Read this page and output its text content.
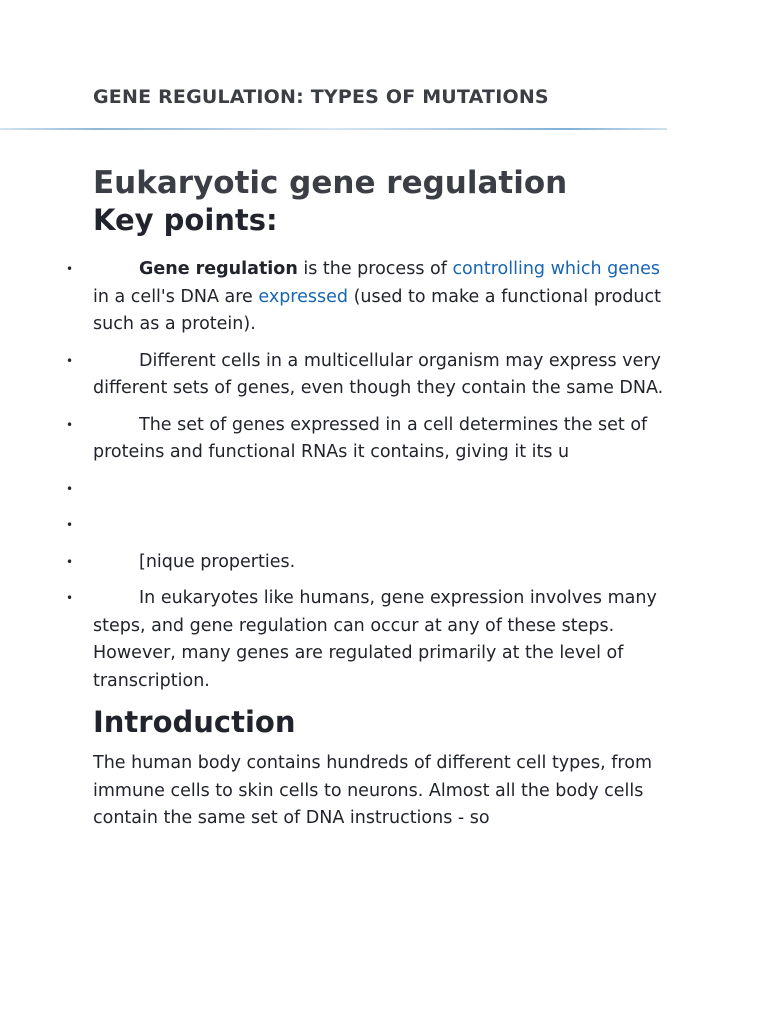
GENE REGULATION: TYPES OF MUTATIONS
Eukaryotic gene regulation
Key points:
•	Gene regulation is the process of controlling which genes in a cell's DNA are expressed (used to make a functional product such as a protein).
•	Different cells in a multicellular organism may express very different sets of genes, even though they contain the same DNA.
•	The set of genes expressed in a cell determines the set of proteins and functional RNAs it contains, giving it its u
•
•
•	[nique properties.
•	In eukaryotes like humans, gene expression involves many steps, and gene regulation can occur at any of these steps. However, many genes are regulated primarily at the level of transcription.
Introduction

The human body contains hundreds of different cell types, from immune cells to skin cells to neurons. Almost all the body cells contain the same set of DNA instructions - so
